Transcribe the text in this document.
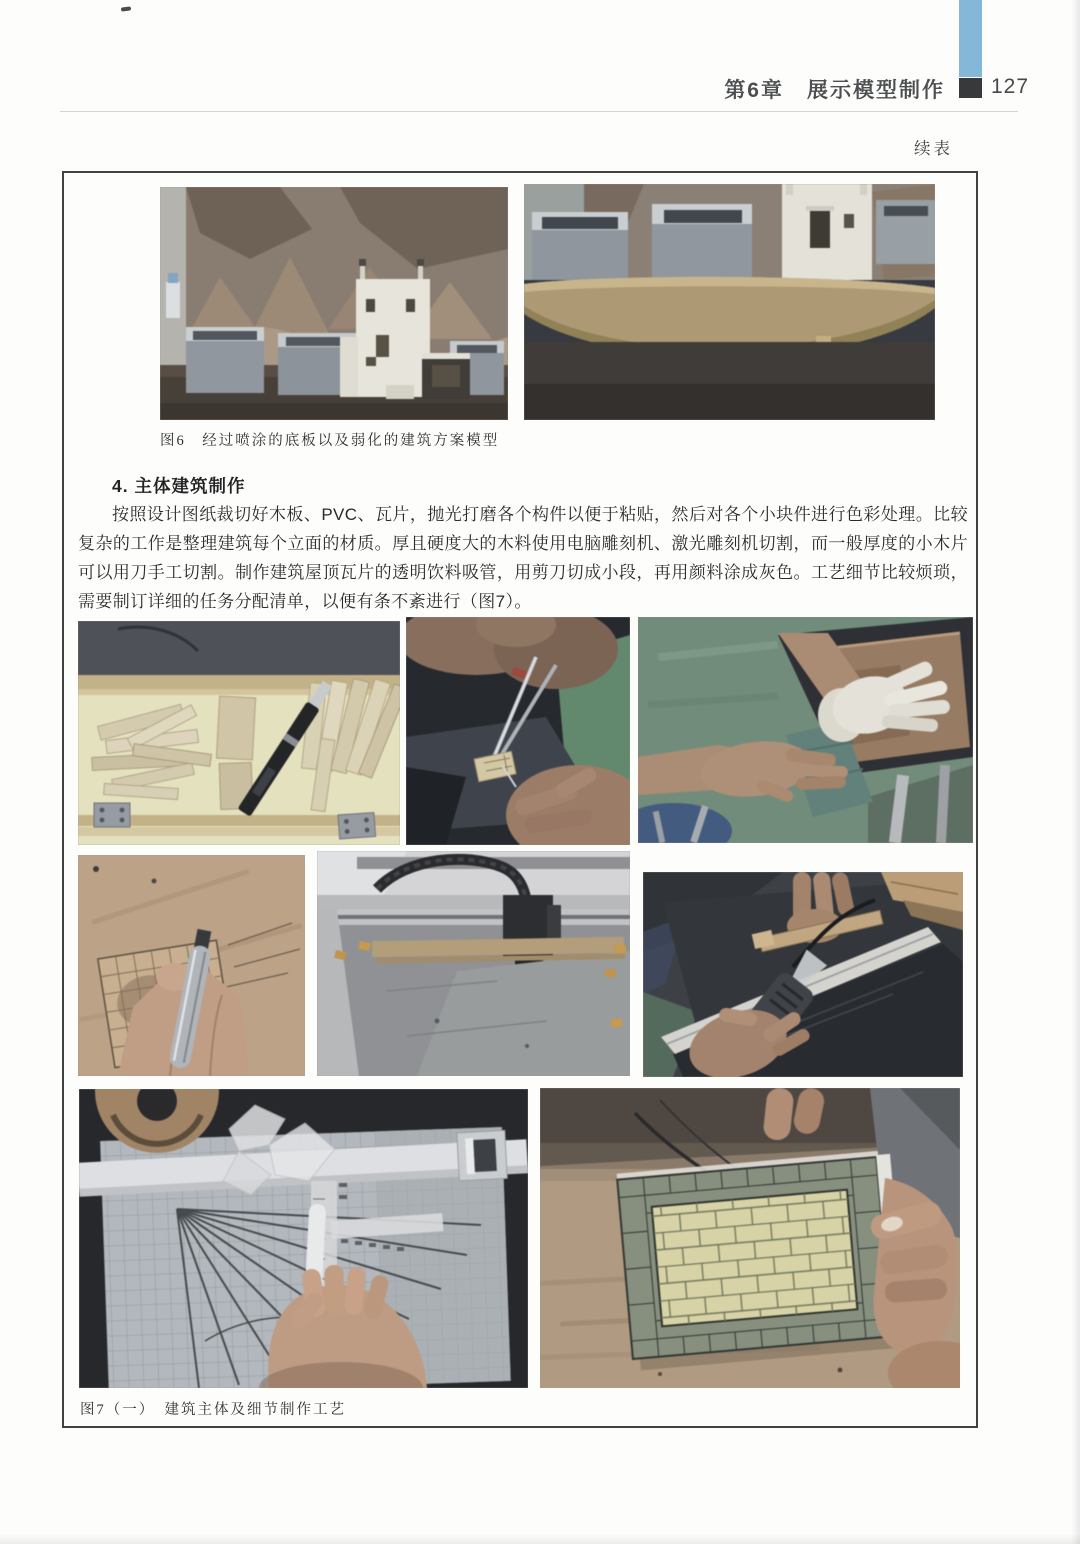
第6章　展示模型制作 127
续表
图6　经过喷涂的底板以及弱化的建筑方案模型
4. 主体建筑制作
按照设计图纸裁切好木板、PVC、瓦片，抛光打磨各个构件以便于粘贴，然后对各个小块件进行色彩处理。比较复杂的工作是整理建筑每个立面的材质。厚且硬度大的木料使用电脑雕刻机、激光雕刻机切割，而一般厚度的小木片可以用刀手工切割。制作建筑屋顶瓦片的透明饮料吸管，用剪刀切成小段，再用颜料涂成灰色。工艺细节比较烦琐，需要制订详细的任务分配清单，以便有条不紊进行（图7）。
图7（一）　建筑主体及细节制作工艺
